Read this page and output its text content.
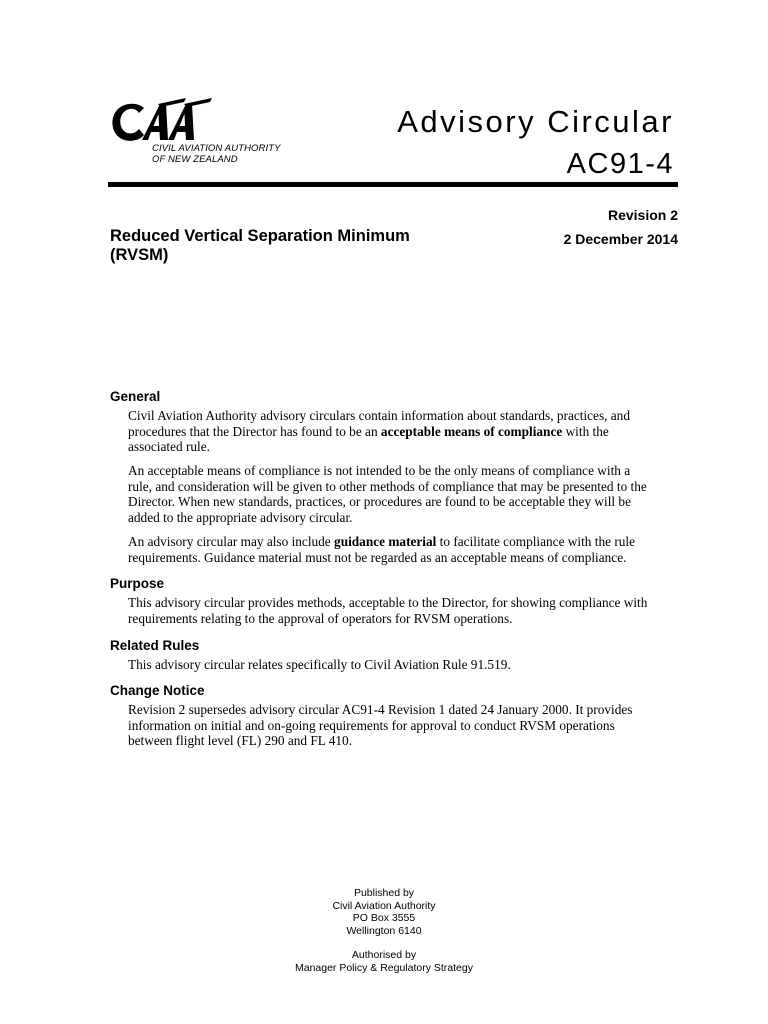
CIVIL AVIATION AUTHORITY
OF NEW ZEALAND
Advisory Circular
AC91-4
Revision 2
2 December 2014
Reduced Vertical Separation Minimum
(RVSM)
General

Civil Aviation Authority advisory circulars contain information about standards, practices, and procedures that the Director has found to be an acceptable means of compliance with the associated rule.

An acceptable means of compliance is not intended to be the only means of compliance with a rule, and consideration will be given to other methods of compliance that may be presented to the Director. When new standards, practices, or procedures are found to be acceptable they will be added to the appropriate advisory circular.

An advisory circular may also include guidance material to facilitate compliance with the rule requirements. Guidance material must not be regarded as an acceptable means of compliance.

Purpose

This advisory circular provides methods, acceptable to the Director, for showing compliance with requirements relating to the approval of operators for RVSM operations.

Related Rules

This advisory circular relates specifically to Civil Aviation Rule 91.519.

Change Notice

Revision 2 supersedes advisory circular AC91-4 Revision 1 dated 24 January 2000. It provides information on initial and on-going requirements for approval to conduct RVSM operations between flight level (FL) 290 and FL 410.

Published by
Civil Aviation Authority
PO Box 3555
Wellington 6140
Authorised by
Manager Policy & Regulatory Strategy
